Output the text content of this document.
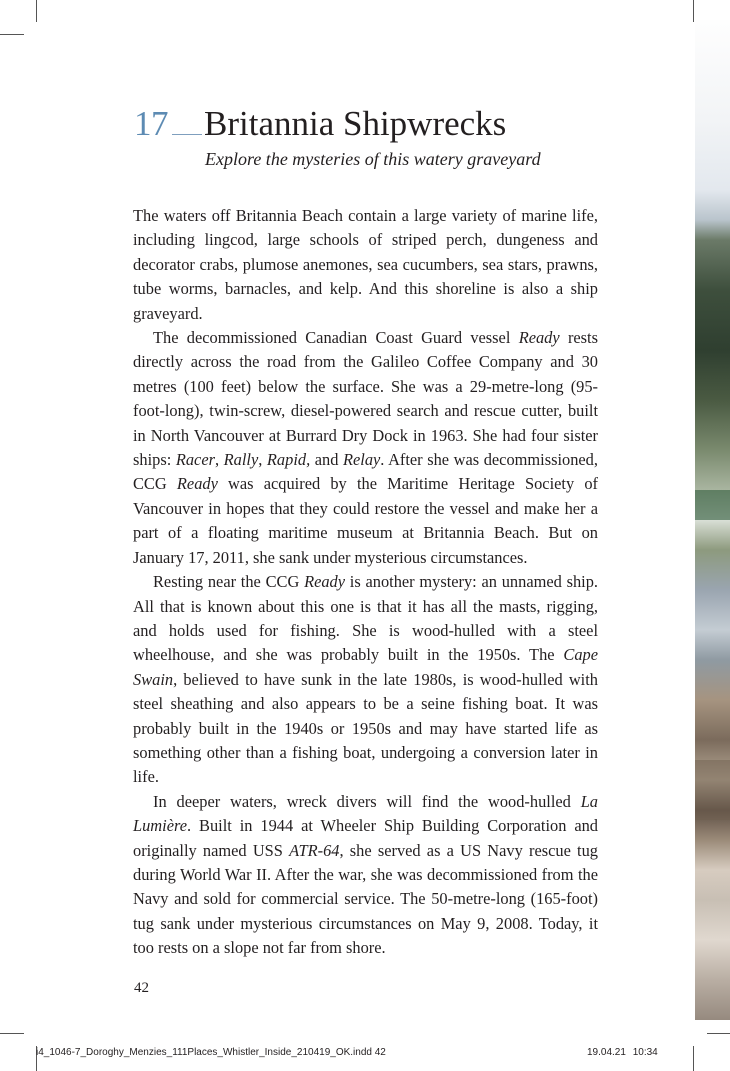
17 Britannia Shipwrecks
Explore the mysteries of this watery graveyard

The waters off Britannia Beach contain a large variety of marine life, including lingcod, large schools of striped perch, dungeness and decorator crabs, plumose anemones, sea cucumbers, sea stars, prawns, tube worms, barnacles, and kelp. And this shoreline is also a ship graveyard.

The decommissioned Canadian Coast Guard vessel Ready rests directly across the road from the Galileo Coffee Company and 30 metres (100 feet) below the surface. She was a 29-metre-long (95-foot-long), twin-screw, diesel-powered search and rescue cutter, built in North Vancouver at Burrard Dry Dock in 1963. She had four sister ships: Racer, Rally, Rapid, and Relay. After she was decommissioned, CCG Ready was acquired by the Maritime Heritage Society of Vancouver in hopes that they could restore the vessel and make her a part of a floating maritime museum at Britannia Beach. But on January 17, 2011, she sank under mysterious circumstances.

Resting near the CCG Ready is another mystery: an unnamed ship. All that is known about this one is that it has all the masts, rigging, and holds used for fishing. She is wood-hulled with a steel wheelhouse, and she was probably built in the 1950s. The Cape Swain, believed to have sunk in the late 1980s, is wood-hulled with steel sheathing and also appears to be a seine fishing boat. It was probably built in the 1940s or 1950s and may have started life as something other than a fishing boat, undergoing a conversion later in life.

In deeper waters, wreck divers will find the wood-hulled La Lumière. Built in 1944 at Wheeler Ship Building Corporation and originally named USS ATR-64, she served as a US Navy rescue tug during World War II. After the war, she was decommissioned from the Navy and sold for commercial service. The 50-metre-long (165-foot) tug sank under mysterious circumstances on May 9, 2008. Today, it too rests on a slope not far from shore.

42
i4_1046-7_Doroghy_Menzies_111Places_Whistler_Inside_210419_OK.indd 42	19.04.21 10:34
